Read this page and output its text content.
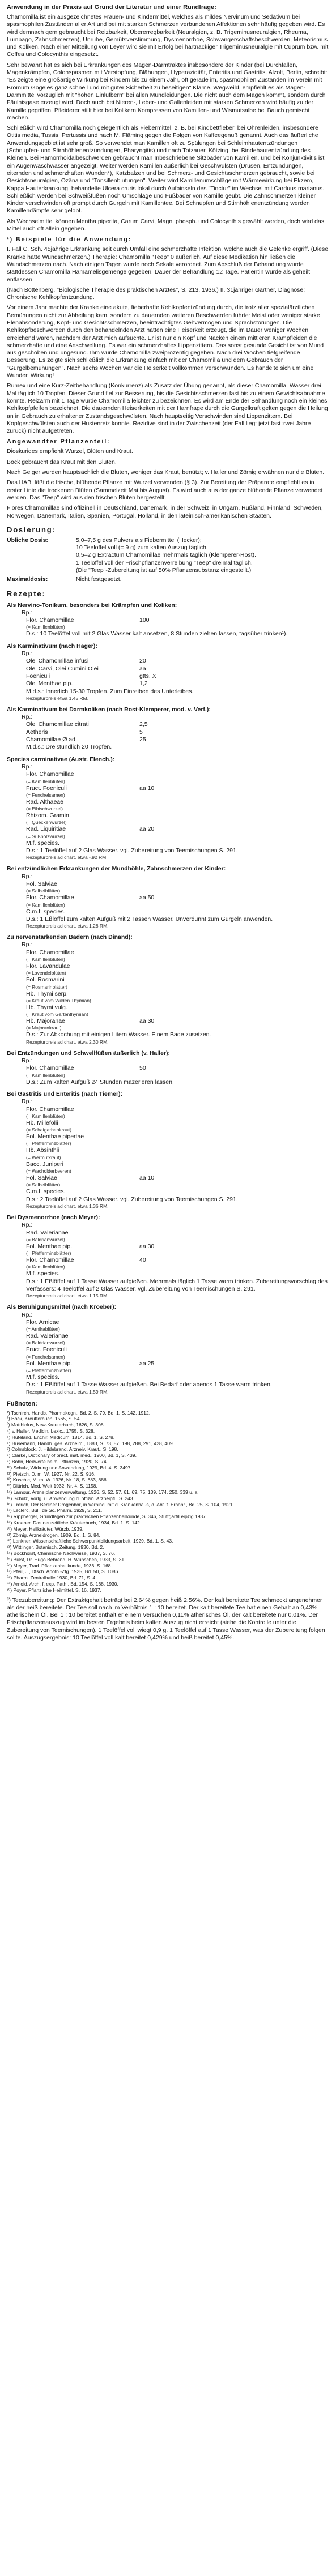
Anwendung in der Praxis auf Grund der Literatur und einer Rundfrage:

Chamomilla ist ein ausgezeichnetes Frauen- und Kindermittel, welches als mildes Nervinum und Sedativum bei spasmophilen Zuständen aller Art und bei mit starken Schmerzen verbundenen Affektionen sehr häufig gegeben wird. Es wird demnach gern gebraucht bei Reizbarkeit, Übererregbarkeit (Neuralgien, z. B. Trigeminusneuralgien, Rheuma, Lumbago, Zahnschmerzen), Unruhe, Gemütsverstimmung, Dysmenorrhoe, Schwangerschaftsbeschwerden, Meteorismus und Koliken. Nach einer Mitteilung von Leyer wird sie mit Erfolg bei hartnäckiger Trigeminusneuralgie mit Cuprum bzw. mit Coffea und Colocynthis eingesetzt.

Sehr bewährt hat es sich bei Erkrankungen des Magen-Darmtraktes insbesondere der Kinder (bei Durchfällen, Magenkrämpfen, Colonspasmen mit Verstopfung, Blähungen, Hyperazidität, Enteritis und Gastritis. Alzolt, Berlin, schreibt: "Es zeigte eine großartige Wirkung bei Kindern bis zu einem Jahr, oft gerade im, spasmophilen Zuständen im Verein mit Bromum Gögeles ganz schnell und mit guter Sicherheit zu beseitigen" Klarne. Wegweild, empfiehlt es als Magen-Darmmittel vorzüglich mit "hohen Einlüfbern" bei allen Mundleidungen. Die nicht auch dem Magen kommt, sondern durch Fäulnisgase erzeugt wird. Doch auch bei Nieren-, Leber- und Gallenleiden mit starken Schmerzen wird häufig zu der Kamille gegriffen. Pfleiderer stillt hier bei Kolikern Kompressen von Kamillen- und Wismutsalbe bei Bauch gemischt machen.

Schließlich wird Chamomilla noch gelegentlich als Fiebermittel, z. B. bei Kindbettfieber, bei Ohrenleiden, insbesondere Otitis media, Tussis, Pertussis und nach M. Fläming gegen die Folgen von Kaffeegenuß genannt. Auch das äußerliche Anwendungsgebiet ist sehr groß. So verwendet man Kamillen oft zu Spülungen bei Schleimhautentzündungen (Schnupfen- und Stirnhöhlenentzündungen, Pharyngitis) und nach Totzauer, Kötzing, bei Bindehautentzündung des Kleinen. Bei Hämorrhoidalbeschwerden gebraucht man Inbeschriebene Sitzbäder von Kamillen, und bei Konjunktivitis ist ein Augenwaschwasser angezeigt. Weiter werden Kamillen äußerlich bei Geschwülsten (Drüsen, Entzündungen, eiternden und schmerzhaften Wunden*), Katzbalzen und bei Schmerz- und Gesichtsschmerzen gebraucht, sowie bei Gesichtsneuralgien, Ozäna und "Tonsillenblutungen". Weiter wird Kamillenumschläge mit Wärmewirkung bei Ekzem, Kappa Hauterkrankung, behandelte Ulcera cruris lokal durch Aufpinseln des "Tinctur" im Wechsel mit Carduus marianus. Schließlich werden bei Schweißfüßen noch Umschläge und Fußbäder von Kamille geübt. Die Zahnschmerzen kleiner Kinder verschwinden oft prompt durch Gurgeln mit Kamillentee. Bei Schnupfen und Stirnhöhlenentzündung werden Kamillendämpfe sehr gelobt.

Als Wechselmittel können Mentha piperita, Carum Carvi, Magn. phosph. und Colocynthis gewählt werden, doch wird das Mittel auch oft allein gegeben.

¹) Beispiele für die Anwendung:

I. Fall C. Sch. 45jährige Erkrankung seit durch Umfall eine schmerzhafte Infektion, welche auch die Gelenke ergriff. (Diese Kranke hatte Wundschmerzen.) Therapie: Chamomilla "Teep" 0 äußerlich. Auf diese Medikation hin ließen die Wundschmerzen nach. Nach einigen Tagen wurde noch Sekale verordnet. Zum Abschluß der Behandlung wurde stattdessen Chamomilla Hamamelisgemenge gegeben. Dauer der Behandlung 12 Tage. Patientin wurde als geheilt entlassen.

(Nach Bottenberg, "Biologische Therapie des praktischen Arztes", S. 213, 1936.) II. 31jähriger Gärtner, Diagnose: Chronische Kehlkopfentzündung.

Vor einem Jahr machte der Kranke eine akute, fieberhafte Kehlkopfentzündung durch, die trotz aller spezialärztlichen Bemühungen nicht zur Abheilung kam, sondern zu dauernden weiteren Beschwerden führte: Meist oder weniger starke Elenabsonderung, Kopf- und Gesichtsschmerzen, beeinträchtigtes Gehvermögen und Sprachstörungen. Die Kehlkopfbeschwerden durch den behandelnden Arzt hatten eine Heiserkeit erzeugt, die im Dauer weniger Wochen erreichend waren, nachdem der Arzt mich aufsuchte. Er ist nur ein Kopf und Nacken einem mittleren Krampfleiden die schmerzhafte und eine Anschwellung. Es war ein schmerzhaftes Lippenzittern. Das sonst gesunde Gesicht ist von Mund aus geschoben und ungesund. Ihm wurde Chamomilla zweiprozentig gegeben. Nach drei Wochen tiefgreifende Besserung. Es zeigte sich schließlich die Erkrankung einfach mit der Chamomilla und dem Gebrauch der "Gurgelbemühungen". Nach sechs Wochen war die Heiserkeit vollkommen verschwunden. Es handelte sich um eine Wunder. Wirkung!

Rumex und eine Kurz-Zeitbehandlung (Konkurrenz) als Zusatz der Übung genannt, als dieser Chamomilla. Wasser drei Mal täglich 10 Tropfen. Dieser Grund fiel zur Besserung, bis die Gesichtsschmerzen fast bis zu einem Gewichtsabnahme konnte. Reizarm mit 1 Tage wurde Chamomilla leichter zu bezeichnen. Es wird am Ende der Behandlung noch ein kleines Kehlkopfpfeifen bezeichnet. Die dauernden Heiserkeiten mit der Harnfrage durch die Gurgelkraft gelten gegen die Heilung an in Gebrauch zu erhaltener Zustandsgeschwülsten. Nach hauptseitig Verschwinden sind Lippenzittern. Bei Kopfgeschwülsten auch der Hustenreiz konnte. Rezidive sind in der Zwischenzeit (der Fall liegt jetzt fast zwei Jahre zurück) nicht aufgetreten.

Angewandter Pflanzenteil:

Dioskurides empfiehlt Wurzel, Blüten und Kraut.

Bock gebraucht das Kraut mit den Blüten.

Nach Geiger wurden hauptsächlich die Blüten, weniger das Kraut, benützt; v. Haller und Zörnig erwähnen nur die Blüten.

Das HAB. läßt die frische, blühende Pflanze mit Wurzel verwenden (§ 3). Zur Bereitung der Präparate empfiehlt es in erster Linie die trockenen Blüten (Sammelzeit Mai bis August). Es wird auch aus der ganze blühende Pflanze verwendet werden. Das "Teep" wird aus den frischen Blüten hergestellt.

Flores Chamomillae sind offizinell in Deutschland, Dänemark, in der Schweiz, in Ungarn, Rußland, Finnland, Schweden, Norwegen, Dänemark, Italien, Spanien, Portugal, Holland, in den lateinisch-amerikanischen Staaten.

Dosierung:
Übliche Dosis:	5,0–7,5 g des Pulvers als Fiebermittel (Hecker);
10 Teelöffel voll (= 9 g) zum kalten Auszug täglich.
0,5–2 g Extractum Chamomillae mehrmals täglich (Klemperer-Rost).
1 Teelöffel voll der Frischpflanzenverreibung "Teep" dreimal täglich.
(Die "Teep"-Zubereitung ist auf 50% Pflanzensubstanz eingestellt.)
Maximaldosis:	Nicht festgesetzt.
Rezepte:
Als Nervino-Tonikum, besonders bei Krämpfen und Koliken:
Rp.:
Flor. Chamomillae	100
(= Kamillenblüten)
D.s.: 10 Teelöffel voll mit 2 Glas Wasser kalt ansetzen, 8 Stunden ziehen lassen, tagsüber trinken¹).
Als Karminativum (nach Hager):
Rp.:
Olei Chamomillae infusi	20
Olei Carvi, Olei Cumini Olei	aa
Foeniculi	gtts. X
Olei Menthae pip.	1,2
M.d.s.: Innerlich 15-30 Tropfen. Zum Einreiben des Unterleibes.
Rezepturpreis etwa 1.45 RM.
Als Karminativum bei Darmkoliken (nach Rost-Klemperer, mod. v. Verf.):
Rp.:
Olei Chamomillae citrati	2,5
Aetheris	5
Chamomillae Ø ad	25
M.d.s.: Dreistündlich 20 Tropfen.
Species carminativae (Austr. Elench.):
Rp.:
Flor. Chamomillae
(= Kamillenblüten)
Fruct. Foeniculi	aa 10
(= Fenchelsamen)
Rad. Althaeae
(= Eibischwurzel)
Rhizom. Gramin.
(= Queckenwurzel)
Rad. Liquiritiae	aa 20
(= Süßholzwurzel)
M.f. species.
D.s.: 1 Teelöffel auf 2 Glas Wasser. vgl. Zubereitung von Teemischungen S. 291.
Rezepturpreis ad chart. etwa -.92 RM.
Bei entzündlichen Erkrankungen der Mundhöhle, Zahnschmerzen der Kinder:
Rp.:
Fol. Salviae
(= Salbeiblätter)
Flor. Chamomillae	aa 50
(= Kamillenblüten)
C.m.f. species.
D.s.: 1 Eßlöffel zum kalten Aufguß mit 2 Tassen Wasser. Unverdünnt zum Gurgeln anwenden.
Rezepturpreis ad chart. etwa 1.28 RM.
Zu nervenstärkenden Bädern (nach Dinand):
Rp.:
Flor. Chamomillae
(= Kamillenblüten)
Flor. Lavandulae
(= Lavendelblüten)
Fol. Rosmarini
(= Rosmarinblätter)
Hb. Thymi serp.
(= Kraut vom Wilden Thymian)
Hb. Thymi vulg.
(= Kraut vom Gartenthymian)
Hb. Majoranae	aa 30
(= Majorankraut)
D.s.: Zur Abkochung mit einigen Litern Wasser. Einem Bade zusetzen.
Rezepturpreis ad chart. etwa 2.30 RM.
Bei Entzündungen und Schwellfüßen äußerlich (v. Haller):
Rp.:
Flor. Chamomillae	50
(= Kamillenblüten)
D.s.: Zum kalten Aufguß 24 Stunden mazerieren lassen.
Bei Gastritis und Enteritis (nach Tiemer):
Rp.:
Flor. Chamomillae
(= Kamillenblüten)
Hb. Millefolii
(= Schafgarbenkraut)
Fol. Menthae pipertae
(= Pfefferminzblätter)
Hb. Absinthii
(= Wermutkraut)
Bacc. Juniperi
(= Wacholderbeeren)
Fol. Salviae	aa 10
(= Salbeiblätter)
C.m.f. species.
D.s.: 2 Teelöffel auf 2 Glas Wasser. vgl. Zubereitung von Teemischungen S. 291.
Rezepturpreis ad chart. etwa 1.36 RM.
Bei Dysmenorrhoe (nach Meyer):
Rp.:
Rad. Valerianae
(= Baldrianwurzel)
Fol. Menthae pip.	aa 30
(= Pfefferminzblätter)
Flor. Chamomillae	40
(= Kamillenblüten)
M.f. species.
D.s.: 1 Eßlöffel auf 1 Tasse Wasser aufgießen. Mehrmals täglich 1 Tasse warm trinken. Zubereitungsvorschlag des Verfassers: 4 Teelöffel auf 2 Glas Wasser. vgl. Zubereitung von Teemischungen S. 291.
Rezepturpreis ad chart. etwa 1.15 RM.
Als Beruhigungsmittel (nach Kroeber):
Rp.:
Flor. Arnicae
(= Arnikablüten)
Rad. Valerianae
(= Baldrianwurzel)
Fruct. Foeniculi
(= Fenchelsamen)
Fol. Menthae pip.	aa 25
(= Pfefferminzblätter)
M.f. species.
D.s.: 1 Eßlöffel auf 1 Tasse Wasser aufgießen. Bei Bedarf oder abends 1 Tasse warm trinken.
Rezepturpreis ad chart. etwa 1.59 RM.
Fußnoten:
¹) Tschirch, Handb. Pharmakogn., Bd. 2, S. 79, Bd. 1, S. 142, 1912.
²) Bock, Kreutterbuch, 1565, S. 54.
³) Matthiolus, New-Kreuterbuch, 1626, S. 308.
⁴) v. Haller, Medicin. Lexic., 1755, S. 328.
⁵) Hufeland, Enchir. Medicum, 1814, Bd. 1, S. 278.
⁶) Husemann, Handb. ges. Arzneim., 1883, S. 73, 87, 198, 288, 291, 428, 409.
⁷) Cohrsblock, J. Hildebrand, Arzneiv. Kraut., S. 198.
⁸) Clarke, Dictionary of pract. mat. med., 1900, Bd. 1, S. 439.
⁹) Bohn, Heilwerte heim. Pflanzen, 1920, S. 74.
¹⁰) Schulz, Wirkung und Anwendung, 1929, Bd. 4, S. 3497.
¹¹) Pietsch, D. m. W. 1927, Nr. 22, S. 916.
¹²) Koschic, M. m. W. 1926, Nr. 18, S. 883, 886.
¹³) Dittrich, Med. Welt 1932, Nr. 4, S. 1158.
¹⁴) Lamour, Arzneiplanzenverwaltung, 1926, S. 52, 57, 61, 69, 75, 139, 174, 250, 339 u. a.
¹⁵) Schulz, Vorlg. ü. Anwendung d. offizin. Arzneipfl., S. 243.
¹⁶) Frerich, Der Berliner Drogenbör, in Verbind. mit d. Krankenhaus, d. Abt. f. Ernähr., Bd. 25, S. 104, 1921.
¹⁷) Leclerc, Bull. de Sc. Pharm. 1929, S. 211.
¹⁸) Rippberger, Grundlagen zur praktischen Pflanzenheilkunde, S. 346, Stuttgart/Leipzig 1937.
¹⁹) Kroeber, Das neuzeitliche Kräuterbuch, 1934, Bd. 1, S. 142.
²⁰) Meyer, Heilkräuter, Würzb. 1939.
²¹) Zörnig, Arzneidrogen, 1909, Bd. 1, S. 84.
²²) Lankner, Wissenschaftliche Schwerpunktbildungsarbeit, 1929, Bd. 1, S. 43.
²³) Wittlinger, Botanisch. Zeitung, 1930, Bd. 2.
²⁴) Bockhorst, Chemische Nachweise, 1937, S. 76.
²⁵) Bulst, Dr. Hugo Behrend, H. Wünschen, 1933, S. 31.
²⁶) Meyer, Trad. Pflanzenheilkunde, 1936, S. 168.
²⁷) Pfeil, J., Dtsch. Apoth.-Ztg. 1935, Bd. 50, S. 1086.
²⁸) Pharm. Zentralhalle 1930, Bd. 71, S. 4.
²⁹) Arnold, Arch. f. exp. Path., Bd. 154, S. 168, 1930.
³⁰) Poyer, Pflanzliche Heilmittel, S. 16, 1937.

³) Teezubereitung: Der Extraktgehalt beträgt bei 2,64% gegen heiß 2,56%. Der kalt bereitete Tee schmeckt angenehmer als der heiß bereitete. Der Tee soll nach im Verhältnis 1 : 10 bereitet. Der kalt bereitete Tee hat einen Gehalt an 0,43% ätherischem Öl. Bei 1 : 10 bereitet enthält er einem Versuchen 0,11% ätherisches Öl, der kalt bereitete nur 0,01%. Der Frischpflanzenauszug wird im besten Ergebnis beim kalten Auszug nicht erreicht (siehe die Kontrolle unter die Zubereitung von Teemischungen). 1 Teelöffel voll wiegt 0,9 g. 1 Teelöffel auf 1 Tasse Wasser, was der Zubereitung folgen sollte. Auszugsergebnis: 10 Teelöffel voll kalt bereitet 0,429% und heiß bereitet 0,45%.
